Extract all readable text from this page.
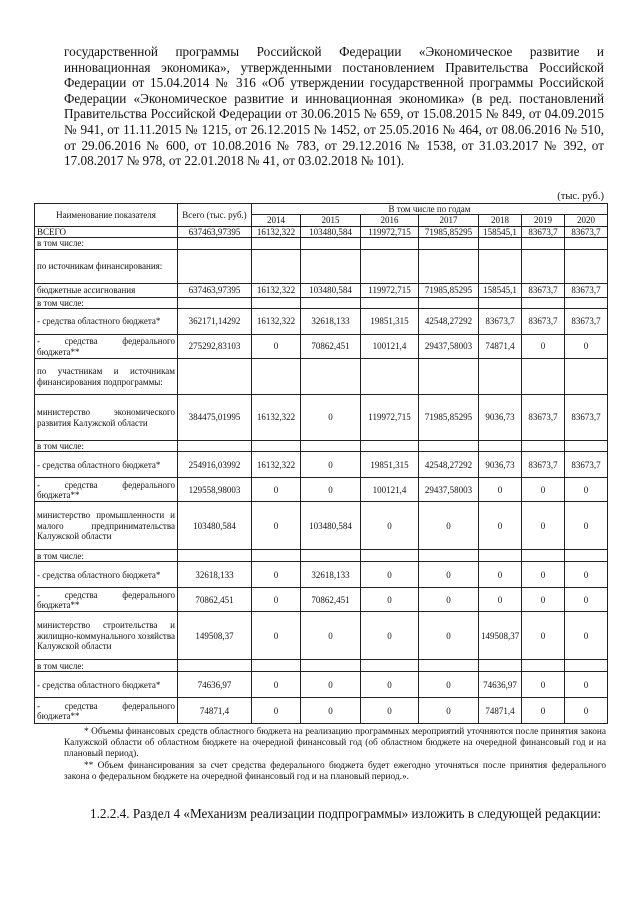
государственной программы Российской Федерации «Экономическое развитие и инновационная экономика», утвержденными постановлением Правительства Российской Федерации от 15.04.2014 № 316 «Об утверждении государственной программы Российской Федерации «Экономическое развитие и инновационная экономика» (в ред. постановлений Правительства Российской Федерации от 30.06.2015 № 659, от 15.08.2015 № 849, от 04.09.2015 № 941, от 11.11.2015 № 1215, от 26.12.2015 № 1452, от 25.05.2016 № 464, от 08.06.2016 № 510, от 29.06.2016 № 600, от 10.08.2016 № 783, от 29.12.2016 № 1538, от 31.03.2017 № 392, от 17.08.2017 № 978, от 22.01.2018 № 41, от 03.02.2018 № 101).
(тыс. руб.)
Наименование показателя	Всего (тыс. руб.)	В том числе по годам						
		2014	2015	2016	2017	2018	2019	2020
ВСЕГО	637463,97395	16132,322	103480,584	119972,715	71985,85295	158545,1	83673,7	83673,7
в том числе:								
по источникам финансирования:								
бюджетные ассигнования	637463,97395	16132,322	103480,584	119972,715	71985,85295	158545,1	83673,7	83673,7
в том числе:								
- средства областного бюджета*	362171,14292	16132,322	32618,133	19851,315	42548,27292	83673,7	83673,7	83673,7
- средства федерального бюджета**	275292,83103	0	70862,451	100121,4	29437,58003	74871,4	0	0
по участникам и источникам финансирования подпрограммы:								
министерство экономического развития Калужской области	384475,01995	16132,322	0	119972,715	71985,85295	9036,73	83673,7	83673,7
в том числе:								
- средства областного бюджета*	254916,03992	16132,322	0	19851,315	42548,27292	9036,73	83673,7	83673,7
- средства федерального бюджета**	129558,98003	0	0	100121,4	29437,58003	0	0	0
министерство промышленности и малого предпринимательства Калужской области	103480,584	0	103480,584	0	0	0	0	0
в том числе:								
- средства областного бюджета*	32618,133	0	32618,133	0	0	0	0	0
- средства федерального бюджета**	70862,451	0	70862,451	0	0	0	0	0
министерство строительства и жилищно-коммунального хозяйства Калужской области	149508,37	0	0	0	0	149508,37	0	0
в том числе:								
- средства областного бюджета*	74636,97	0	0	0	0	74636,97	0	0
- средства федерального бюджета**	74871,4	0	0	0	0	74871,4	0	0

* Объемы финансовых средств областного бюджета на реализацию программных мероприятий уточняются после принятия закона Калужской области об областном бюджете на очередной финансовый год (об областном бюджете на очередной финансовый год и на плановый период).

** Объем финансирования за счет средства федерального бюджета будет ежегодно уточняться после принятия федерального закона о федеральном бюджете на очередной финансовый год и на плановый период.».

1.2.2.4. Раздел 4 «Механизм реализации подпрограммы» изложить в следующей редакции:
